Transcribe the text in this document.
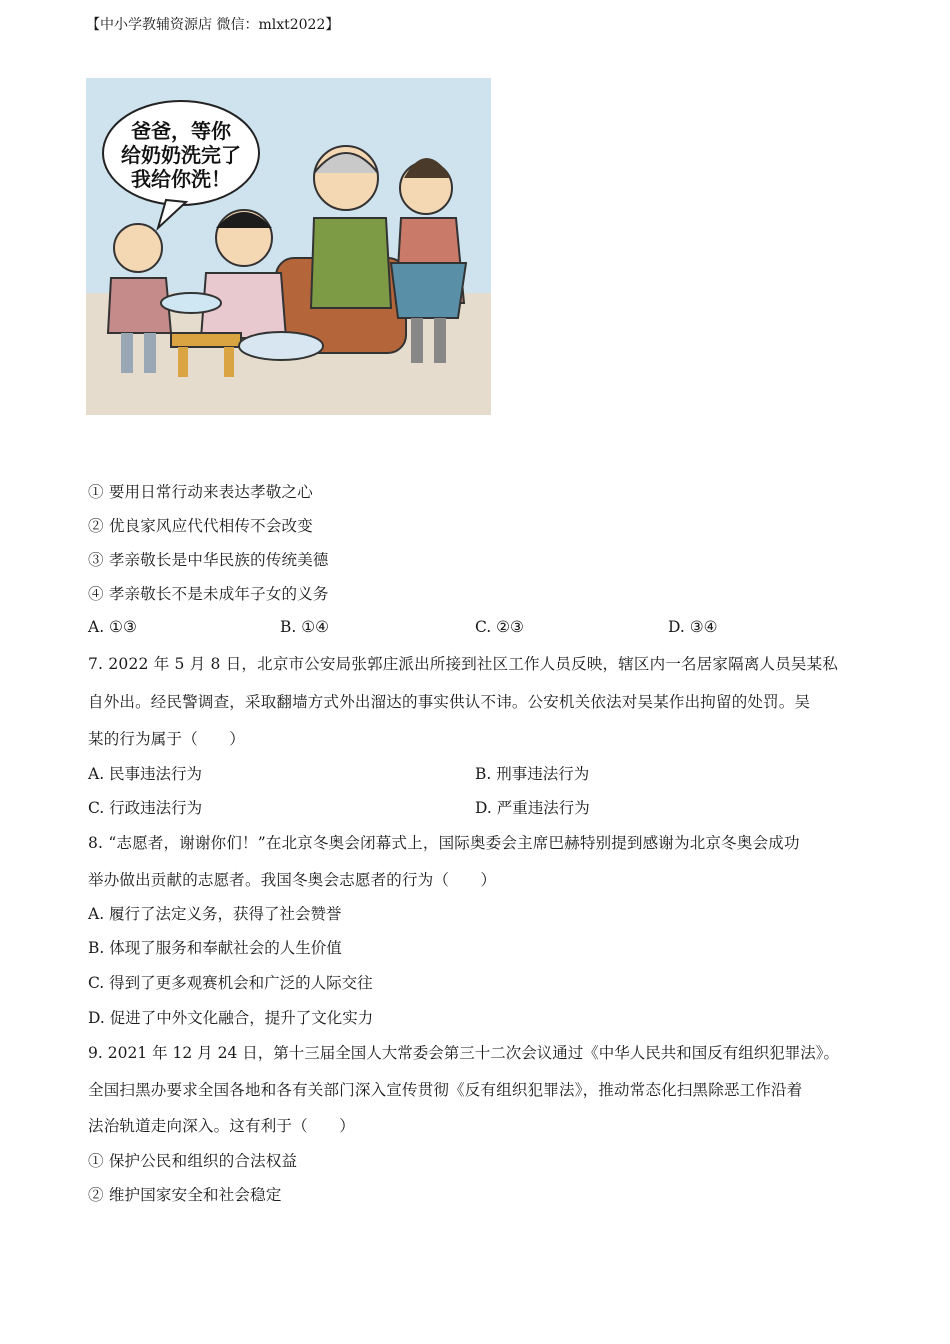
【中小学教辅资源店 微信：mlxt2022】
爸爸，等你
给奶奶洗完了
我给你洗！
① 要用日常行动来表达孝敬之心
② 优良家风应代代相传不会改变
③ 孝亲敬长是中华民族的传统美德
④ 孝亲敬长不是未成年子女的义务
A. ①③	B. ①④	C. ②③	D. ③④
7. 2022 年 5 月 8 日，北京市公安局张郭庄派出所接到社区工作人员反映，辖区内一名居家隔离人员吴某私
自外出。经民警调查，采取翻墙方式外出溜达的事实供认不讳。公安机关依法对吴某作出拘留的处罚。吴
某的行为属于（　　）
A. 民事违法行为	B. 刑事违法行为
C. 行政违法行为	D. 严重违法行为
8. “志愿者，谢谢你们！”在北京冬奥会闭幕式上，国际奥委会主席巴赫特别提到感谢为北京冬奥会成功
举办做出贡献的志愿者。我国冬奥会志愿者的行为（　　）
A. 履行了法定义务，获得了社会赞誉
B. 体现了服务和奉献社会的人生价值
C. 得到了更多观赛机会和广泛的人际交往
D. 促进了中外文化融合，提升了文化实力
9. 2021 年 12 月 24 日，第十三届全国人大常委会第三十二次会议通过《中华人民共和国反有组织犯罪法》。
全国扫黑办要求全国各地和各有关部门深入宣传贯彻《反有组织犯罪法》，推动常态化扫黑除恶工作沿着
法治轨道走向深入。这有利于（　　）
① 保护公民和组织的合法权益
② 维护国家安全和社会稳定
